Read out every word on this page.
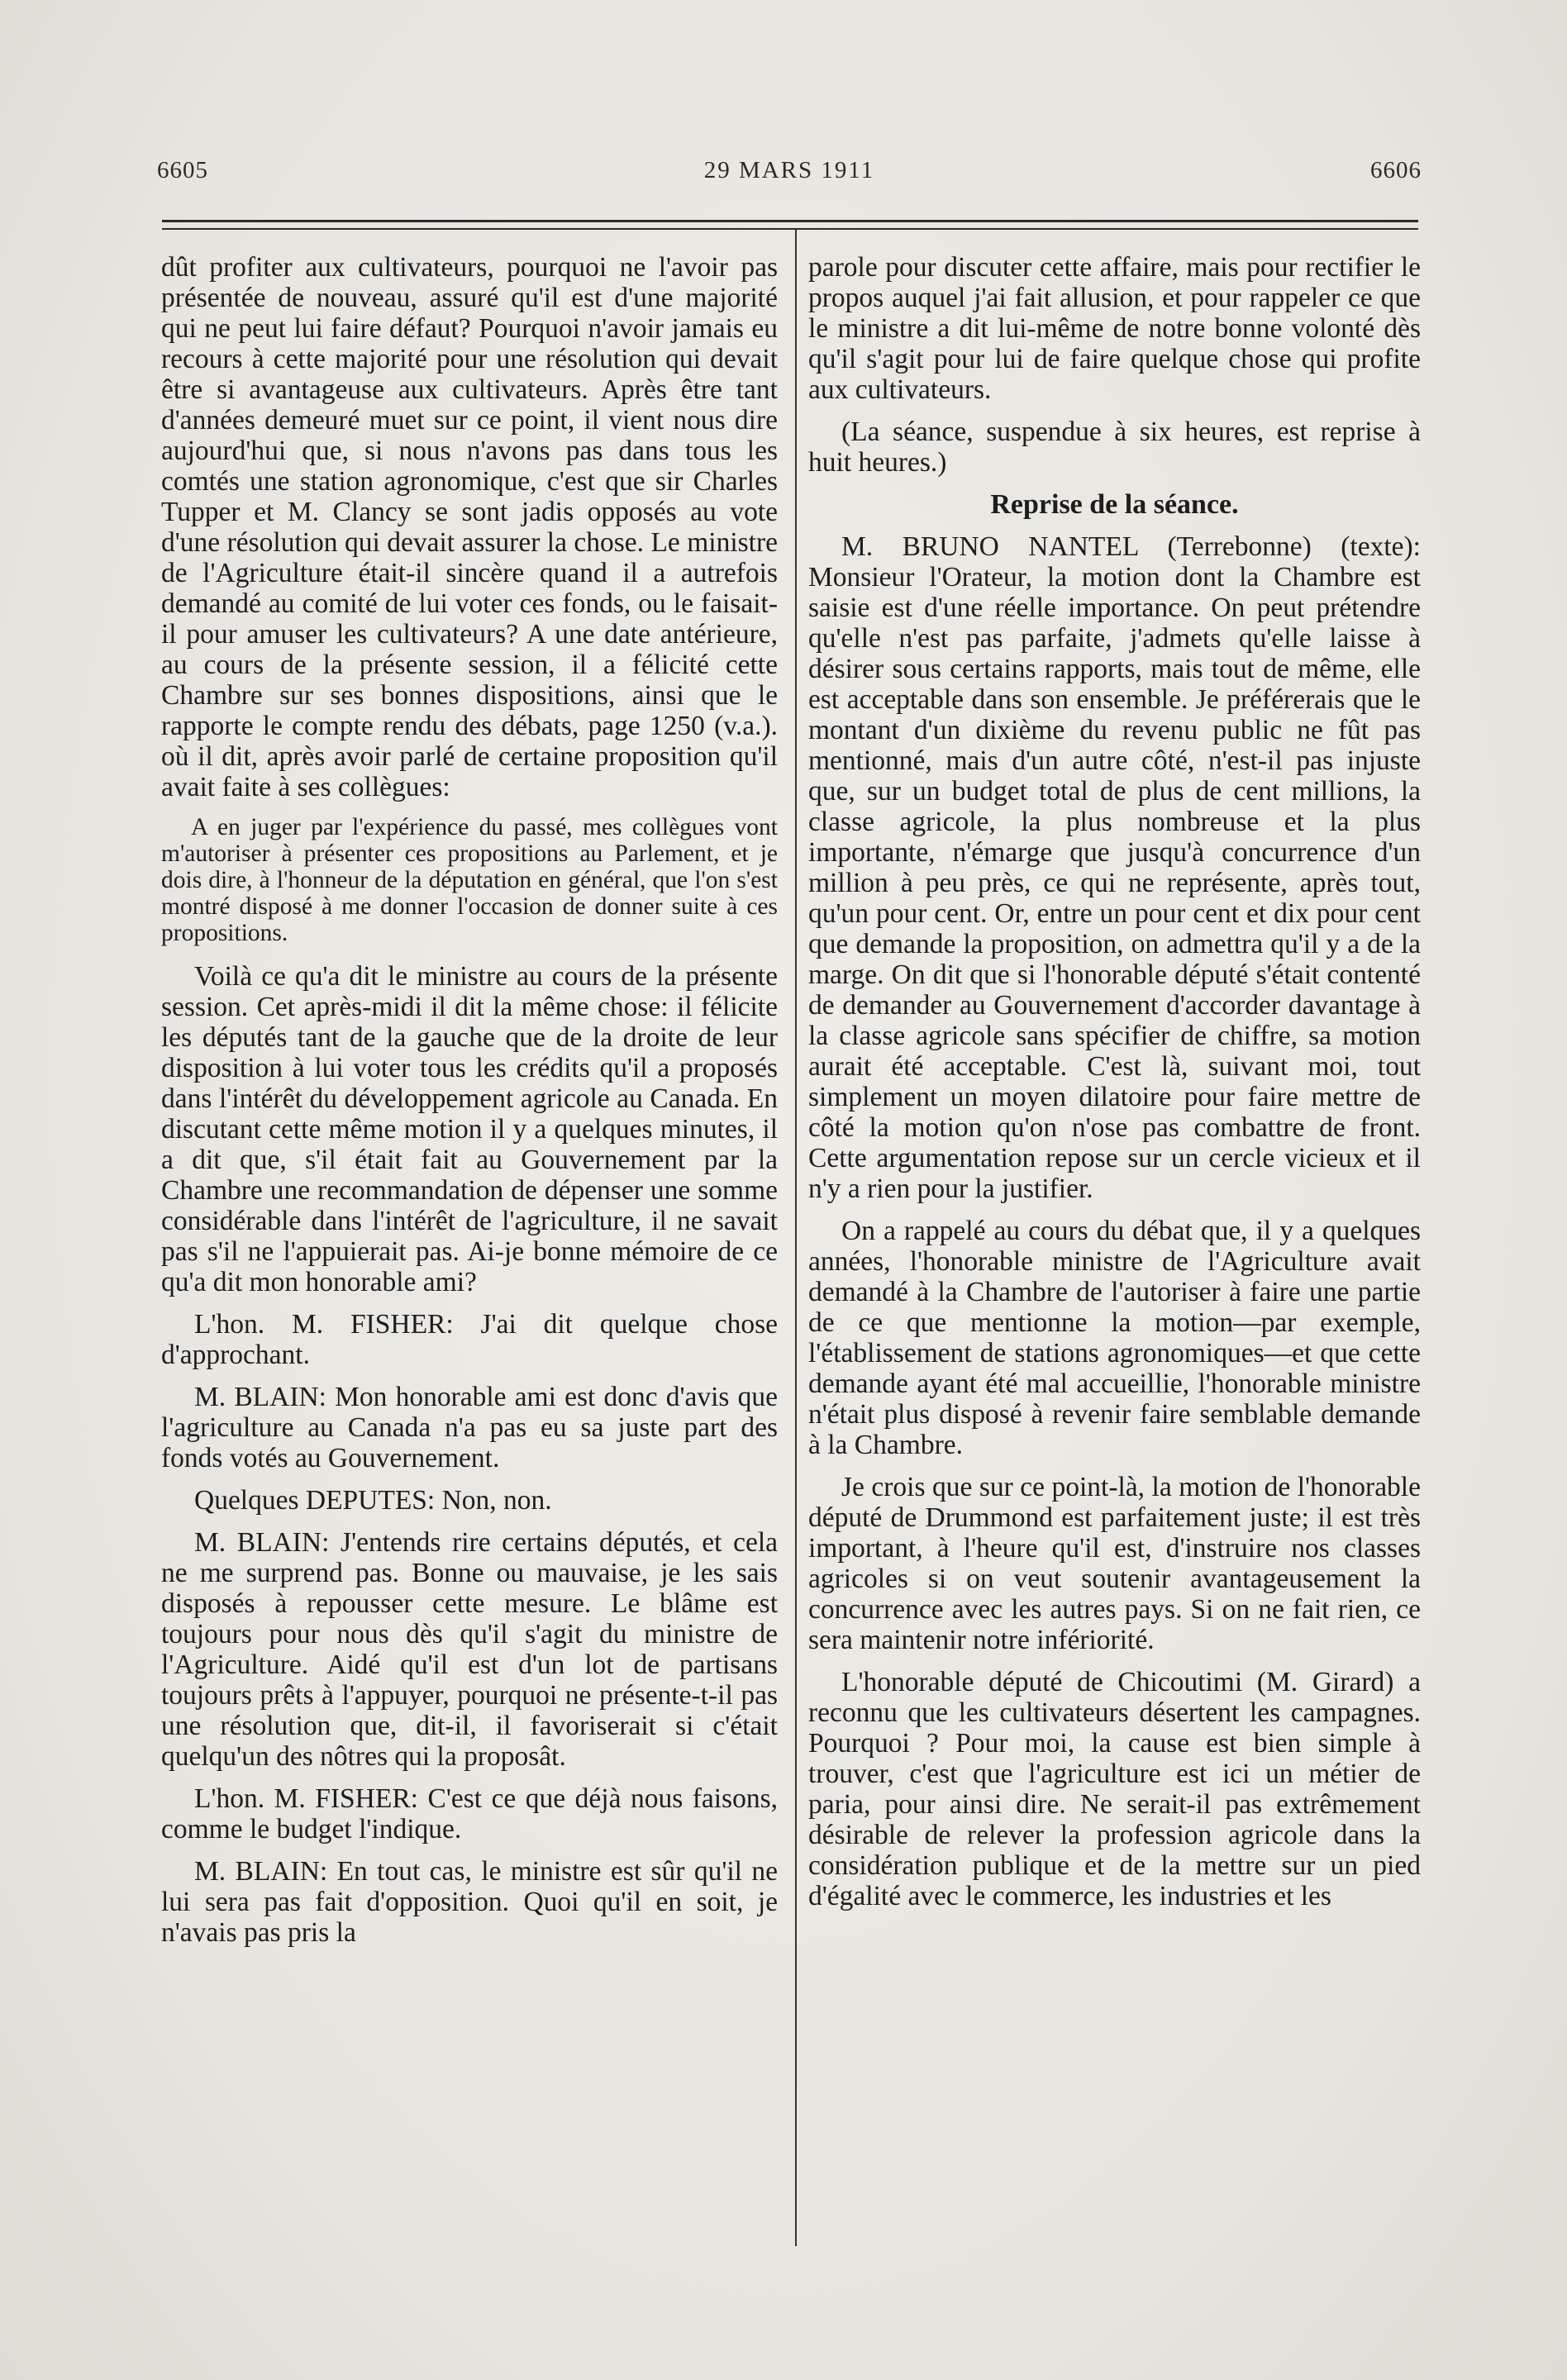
6605	29 MARS 1911	6606

dût profiter aux cultivateurs, pourquoi ne l'avoir pas présentée de nouveau, assuré qu'il est d'une majorité qui ne peut lui faire défaut? Pourquoi n'avoir jamais eu recours à cette majorité pour une résolution qui devait être si avantageuse aux cultivateurs. Après être tant d'années demeuré muet sur ce point, il vient nous dire aujourd'hui que, si nous n'avons pas dans tous les comtés une station agronomique, c'est que sir Charles Tupper et M. Clancy se sont jadis opposés au vote d'une résolution qui devait assurer la chose. Le ministre de l'Agriculture était-il sincère quand il a autrefois demandé au comité de lui voter ces fonds, ou le faisait-il pour amuser les cultivateurs? A une date antérieure, au cours de la présente session, il a félicité cette Chambre sur ses bonnes dispositions, ainsi que le rapporte le compte rendu des débats, page 1250 (v.a.). où il dit, après avoir parlé de certaine proposition qu'il avait faite à ses collègues:

A en juger par l'expérience du passé, mes collègues vont m'autoriser à présenter ces propositions au Parlement, et je dois dire, à l'honneur de la députation en général, que l'on s'est montré disposé à me donner l'occasion de donner suite à ces propositions.

Voilà ce qu'a dit le ministre au cours de la présente session. Cet après-midi il dit la même chose: il félicite les députés tant de la gauche que de la droite de leur disposition à lui voter tous les crédits qu'il a proposés dans l'intérêt du développement agricole au Canada. En discutant cette même motion il y a quelques minutes, il a dit que, s'il était fait au Gouvernement par la Chambre une recommandation de dépenser une somme considérable dans l'intérêt de l'agriculture, il ne savait pas s'il ne l'appuierait pas. Ai-je bonne mémoire de ce qu'a dit mon honorable ami?

L'hon. M. FISHER: J'ai dit quelque chose d'approchant.

M. BLAIN: Mon honorable ami est donc d'avis que l'agriculture au Canada n'a pas eu sa juste part des fonds votés au Gouvernement.

Quelques DEPUTES: Non, non.

M. BLAIN: J'entends rire certains députés, et cela ne me surprend pas. Bonne ou mauvaise, je les sais disposés à repousser cette mesure. Le blâme est toujours pour nous dès qu'il s'agit du ministre de l'Agriculture. Aidé qu'il est d'un lot de partisans toujours prêts à l'appuyer, pourquoi ne présente-t-il pas une résolution que, dit-il, il favoriserait si c'était quelqu'un des nôtres qui la proposât.

L'hon. M. FISHER: C'est ce que déjà nous faisons, comme le budget l'indique.

M. BLAIN: En tout cas, le ministre est sûr qu'il ne lui sera pas fait d'opposition. Quoi qu'il en soit, je n'avais pas pris la

parole pour discuter cette affaire, mais pour rectifier le propos auquel j'ai fait allusion, et pour rappeler ce que le ministre a dit lui-même de notre bonne volonté dès qu'il s'agit pour lui de faire quelque chose qui profite aux cultivateurs.

(La séance, suspendue à six heures, est reprise à huit heures.)

Reprise de la séance.

M. BRUNO NANTEL (Terrebonne) (texte): Monsieur l'Orateur, la motion dont la Chambre est saisie est d'une réelle importance. On peut prétendre qu'elle n'est pas parfaite, j'admets qu'elle laisse à désirer sous certains rapports, mais tout de même, elle est acceptable dans son ensemble. Je préférerais que le montant d'un dixième du revenu public ne fût pas mentionné, mais d'un autre côté, n'est-il pas injuste que, sur un budget total de plus de cent millions, la classe agricole, la plus nombreuse et la plus importante, n'émarge que jusqu'à concurrence d'un million à peu près, ce qui ne représente, après tout, qu'un pour cent. Or, entre un pour cent et dix pour cent que demande la proposition, on admettra qu'il y a de la marge. On dit que si l'honorable député s'était contenté de demander au Gouvernement d'accorder davantage à la classe agricole sans spécifier de chiffre, sa motion aurait été acceptable. C'est là, suivant moi, tout simplement un moyen dilatoire pour faire mettre de côté la motion qu'on n'ose pas combattre de front. Cette argumentation repose sur un cercle vicieux et il n'y a rien pour la justifier.

On a rappelé au cours du débat que, il y a quelques années, l'honorable ministre de l'Agriculture avait demandé à la Chambre de l'autoriser à faire une partie de ce que mentionne la motion—par exemple, l'établissement de stations agronomiques—et que cette demande ayant été mal accueillie, l'honorable ministre n'était plus disposé à revenir faire semblable demande à la Chambre.

Je crois que sur ce point-là, la motion de l'honorable député de Drummond est parfaitement juste; il est très important, à l'heure qu'il est, d'instruire nos classes agricoles si on veut soutenir avantageusement la concurrence avec les autres pays. Si on ne fait rien, ce sera maintenir notre infériorité.

L'honorable député de Chicoutimi (M. Girard) a reconnu que les cultivateurs désertent les campagnes. Pourquoi ? Pour moi, la cause est bien simple à trouver, c'est que l'agriculture est ici un métier de paria, pour ainsi dire. Ne serait-il pas extrêmement désirable de relever la profession agricole dans la considération publique et de la mettre sur un pied d'égalité avec le commerce, les industries et les
